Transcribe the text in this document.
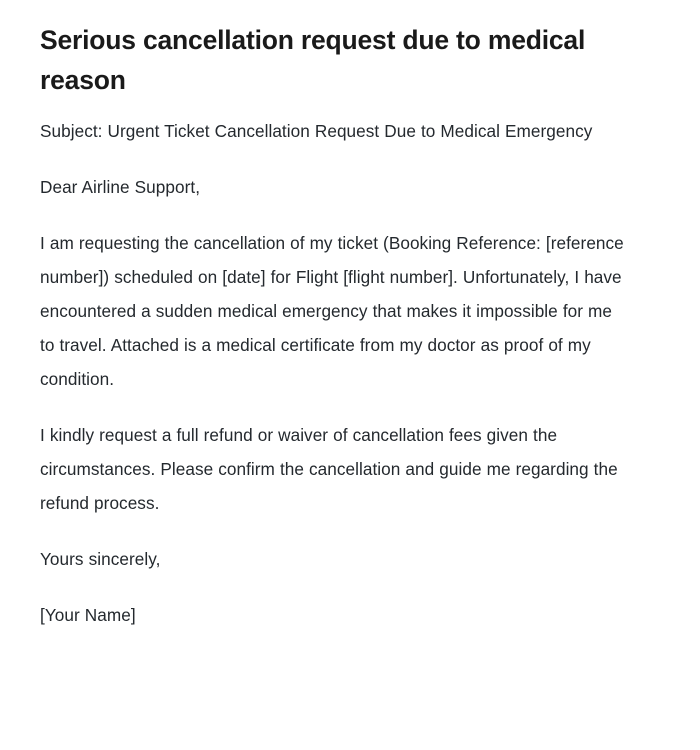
Serious cancellation request due to medical reason

Subject: Urgent Ticket Cancellation Request Due to Medical Emergency

Dear Airline Support,

I am requesting the cancellation of my ticket (Booking Reference: [reference number]) scheduled on [date] for Flight [flight number]. Unfortunately, I have encountered a sudden medical emergency that makes it impossible for me to travel. Attached is a medical certificate from my doctor as proof of my condition.

I kindly request a full refund or waiver of cancellation fees given the circumstances. Please confirm the cancellation and guide me regarding the refund process.

Yours sincerely,

[Your Name]
